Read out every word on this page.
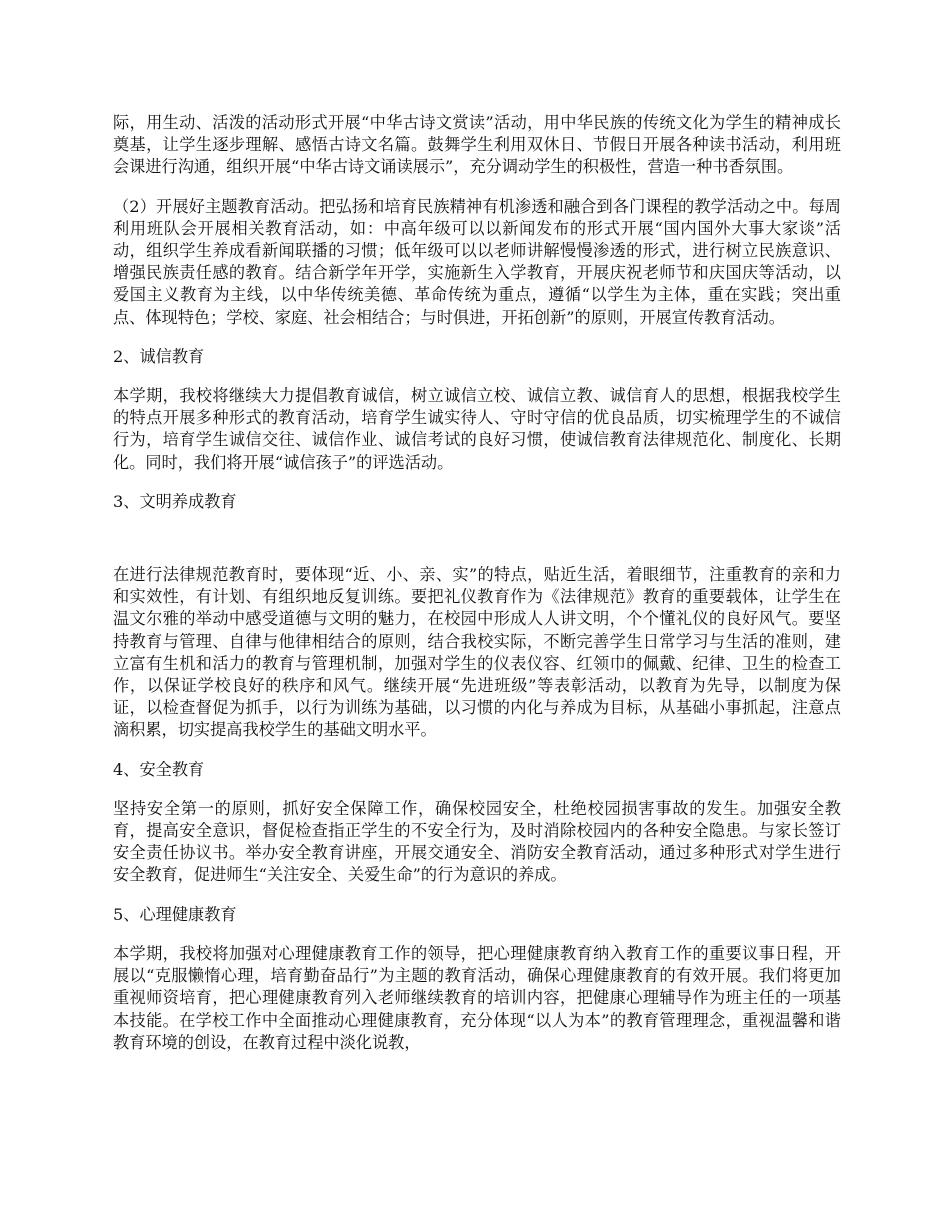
际，用生动、活泼的活动形式开展“中华古诗文赏读”活动，用中华民族的传统文化为学生的精神成长奠基，让学生逐步理解、感悟古诗文名篇。鼓舞学生利用双休日、节假日开展各种读书活动，利用班会课进行沟通，组织开展“中华古诗文诵读展示”，充分调动学生的积极性，营造一种书香氛围。

（2）开展好主题教育活动。把弘扬和培育民族精神有机渗透和融合到各门课程的教学活动之中。每周利用班队会开展相关教育活动，如：中高年级可以以新闻发布的形式开展“国内国外大事大家谈”活动，组织学生养成看新闻联播的习惯；低年级可以以老师讲解慢慢渗透的形式，进行树立民族意识、增强民族责任感的教育。结合新学年开学，实施新生入学教育，开展庆祝老师节和庆国庆等活动，以爱国主义教育为主线，以中华传统美德、革命传统为重点，遵循“以学生为主体，重在实践；突出重点、体现特色；学校、家庭、社会相结合；与时俱进，开拓创新”的原则，开展宣传教育活动。

2、诚信教育

本学期，我校将继续大力提倡教育诚信，树立诚信立校、诚信立教、诚信育人的思想，根据我校学生的特点开展多种形式的教育活动，培育学生诚实待人、守时守信的优良品质，切实梳理学生的不诚信行为，培育学生诚信交往、诚信作业、诚信考试的良好习惯，使诚信教育法律规范化、制度化、长期化。同时，我们将开展“诚信孩子”的评选活动。

3、文明养成教育

在进行法律规范教育时，要体现“近、小、亲、实”的特点，贴近生活，着眼细节，注重教育的亲和力和实效性，有计划、有组织地反复训练。要把礼仪教育作为《法律规范》教育的重要载体，让学生在温文尔雅的举动中感受道德与文明的魅力，在校园中形成人人讲文明，个个懂礼仪的良好风气。要坚持教育与管理、自律与他律相结合的原则，结合我校实际，不断完善学生日常学习与生活的准则，建立富有生机和活力的教育与管理机制，加强对学生的仪表仪容、红领巾的佩戴、纪律、卫生的检查工作，以保证学校良好的秩序和风气。继续开展“先进班级”等表彰活动，以教育为先导，以制度为保证，以检查督促为抓手，以行为训练为基础，以习惯的内化与养成为目标，从基础小事抓起，注意点滴积累，切实提高我校学生的基础文明水平。

4、安全教育

坚持安全第一的原则，抓好安全保障工作，确保校园安全，杜绝校园损害事故的发生。加强安全教育，提高安全意识，督促检查指正学生的不安全行为，及时消除校园内的各种安全隐患。与家长签订安全责任协议书。举办安全教育讲座，开展交通安全、消防安全教育活动，通过多种形式对学生进行安全教育，促进师生“关注安全、关爱生命”的行为意识的养成。

5、心理健康教育

本学期，我校将加强对心理健康教育工作的领导，把心理健康教育纳入教育工作的重要议事日程，开展以“克服懒惰心理，培育勤奋品行”为主题的教育活动，确保心理健康教育的有效开展。我们将更加重视师资培育，把心理健康教育列入老师继续教育的培训内容，把健康心理辅导作为班主任的一项基本技能。在学校工作中全面推动心理健康教育，充分体现“以人为本”的教育管理理念，重视温馨和谐教育环境的创设，在教育过程中淡化说教，
